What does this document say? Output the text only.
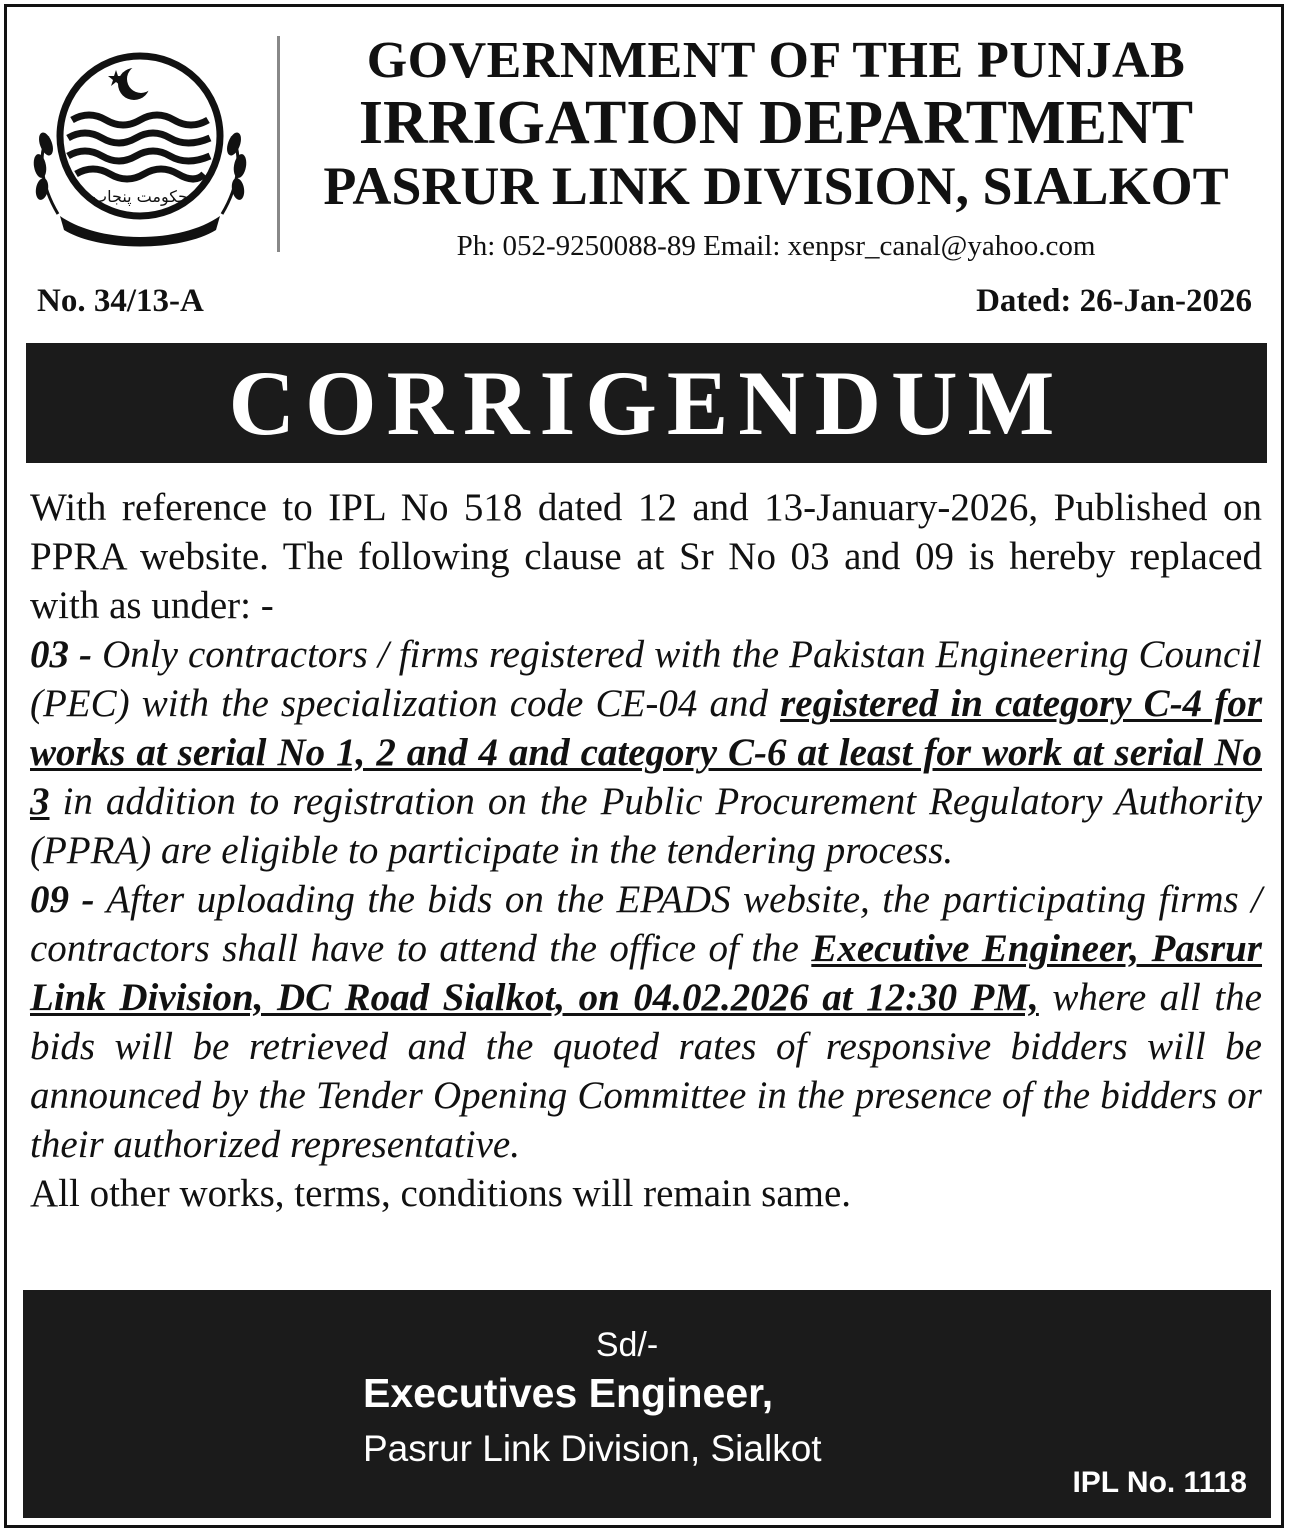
حکومت پنجاب
GOVERNMENT OF THE PUNJAB
IRRIGATION DEPARTMENT
PASRUR LINK DIVISION, SIALKOT
Ph: 052-9250088-89 Email: xenpsr_canal@yahoo.com
No. 34/13-A	Dated: 26-Jan-2026
CORRIGENDUM
With reference to IPL No 518 dated 12 and 13-January-2026, Published on PPRA website. The following clause at Sr No 03 and 09 is hereby replaced with as under: -
03 - Only contractors / firms registered with the Pakistan Engineering Council (PEC) with the specialization code CE-04 and registered in category C-4 for works at serial No 1, 2 and 4 and category C-6 at least for work at serial No 3 in addition to registration on the Public Procurement Regulatory Authority (PPRA) are eligible to participate in the tendering process.
09 - After uploading the bids on the EPADS website, the participating firms / contractors shall have to attend the office of the Executive Engineer, Pasrur Link Division, DC Road Sialkot, on 04.02.2026 at 12:30 PM, where all the bids will be retrieved and the quoted rates of responsive bidders will be announced by the Tender Opening Committee in the presence of the bidders or their authorized representative.
All other works, terms, conditions will remain same.
Sd/-
Executives Engineer,
Pasrur Link Division, Sialkot
IPL No. 1118
